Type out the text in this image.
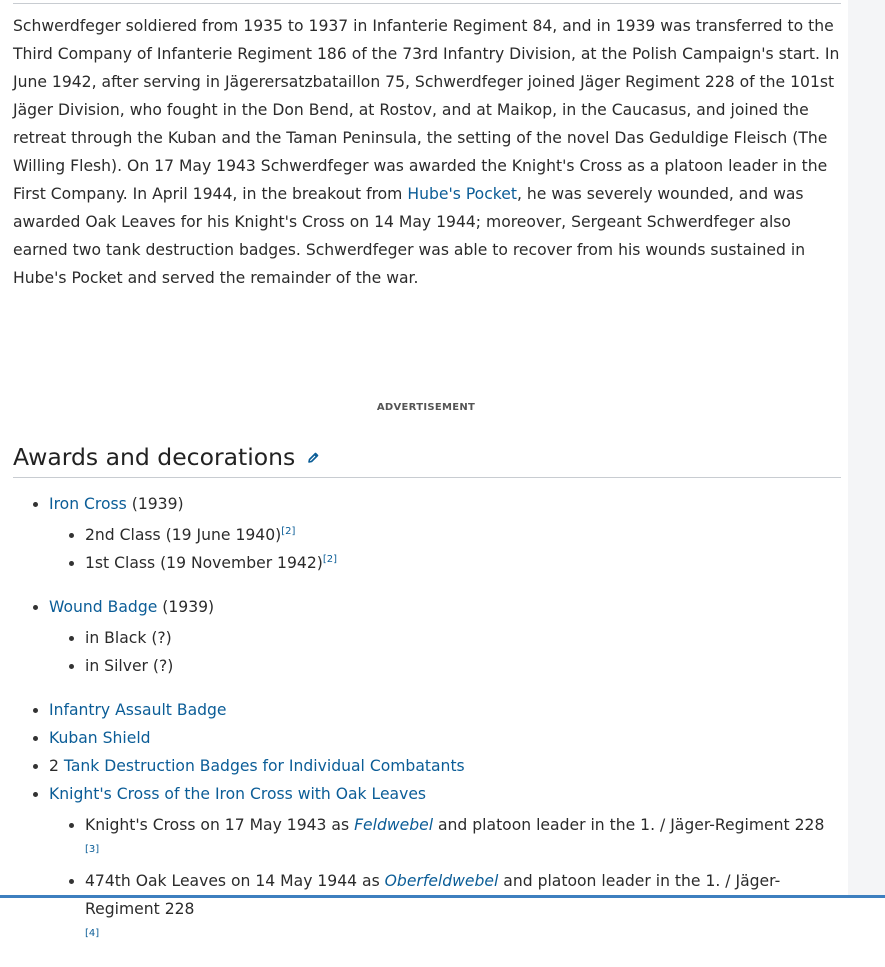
Schwerdfeger soldiered from 1935 to 1937 in Infanterie Regiment 84, and in 1939 was transferred to the Third Company of Infanterie Regiment 186 of the 73rd Infantry Division, at the Polish Campaign's start. In June 1942, after serving in Jägerersatzbataillon 75, Schwerdfeger joined Jäger Regiment 228 of the 101st Jäger Division, who fought in the Don Bend, at Rostov, and at Maikop, in the Caucasus, and joined the retreat through the Kuban and the Taman Peninsula, the setting of the novel Das Geduldige Fleisch (The Willing Flesh). On 17 May 1943 Schwerdfeger was awarded the Knight's Cross as a platoon leader in the First Company. In April 1944, in the breakout from Hube's Pocket, he was severely wounded, and was awarded Oak Leaves for his Knight's Cross on 14 May 1944; moreover, Sergeant Schwerdfeger also earned two tank destruction badges. Schwerdfeger was able to recover from his wounds sustained in Hube's Pocket and served the remainder of the war.

ADVERTISEMENT
Awards and decorations
Iron Cross (1939)
2nd Class (19 June 1940)[2]
1st Class (19 November 1942)[2]
Wound Badge (1939)
in Black (?)
in Silver (?)
Infantry Assault Badge
Kuban Shield
2 Tank Destruction Badges for Individual Combatants
Knight's Cross of the Iron Cross with Oak Leaves
Knight's Cross on 17 May 1943 as Feldwebel and platoon leader in the 1. / Jäger-Regiment 228 [3]
474th Oak Leaves on 14 May 1944 as Oberfeldwebel and platoon leader in the 1. / Jäger-Regiment 228
[4]
